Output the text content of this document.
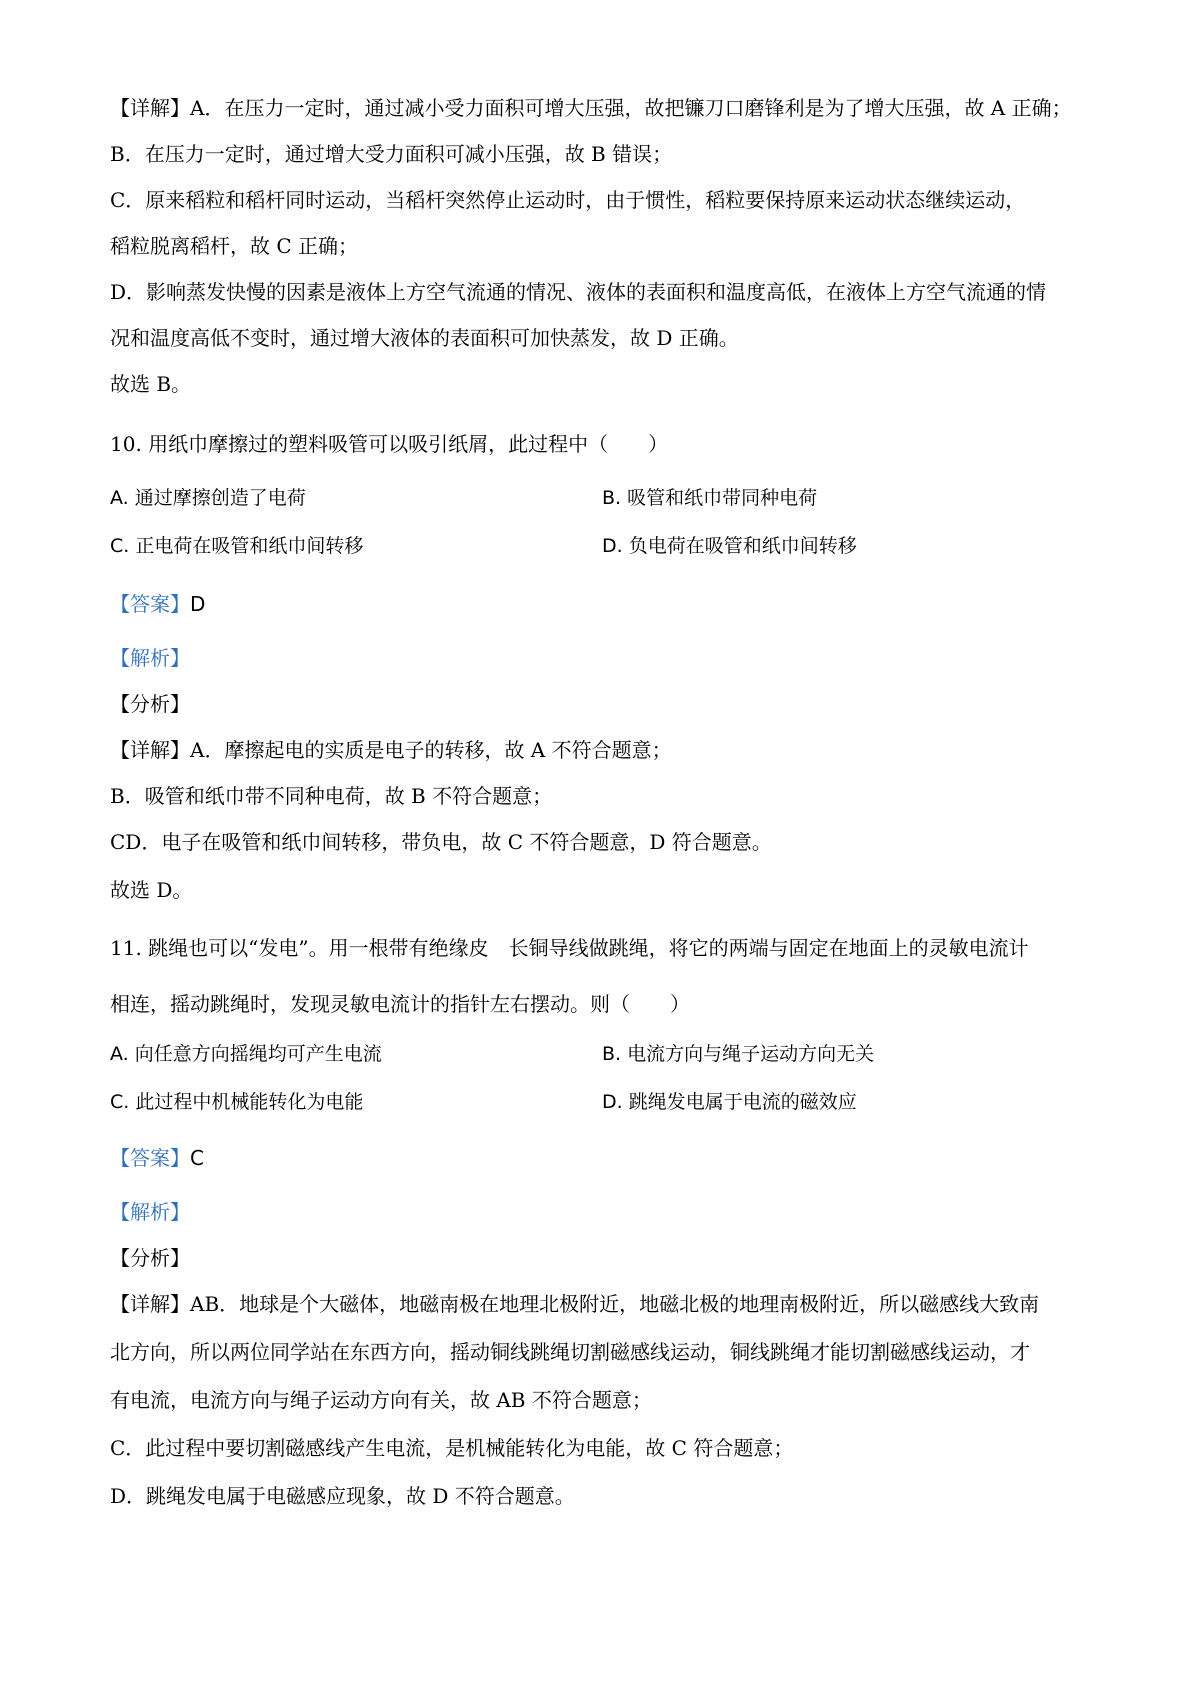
【详解】A．在压力一定时，通过减小受力面积可增大压强，故把镰刀口磨锋利是为了增大压强，故 A 正确；
B．在压力一定时，通过增大受力面积可减小压强，故 B 错误；
C．原来稻粒和稻杆同时运动，当稻杆突然停止运动时，由于惯性，稻粒要保持原来运动状态继续运动，
稻粒脱离稻杆，故 C 正确；
D．影响蒸发快慢的因素是液体上方空气流通的情况、液体的表面积和温度高低，在液体上方空气流通的情
况和温度高低不变时，通过增大液体的表面积可加快蒸发，故 D 正确。
故选 B。
10. 用纸巾摩擦过的塑料吸管可以吸引纸屑，此过程中（　　）
A. 通过摩擦创造了电荷	B. 吸管和纸巾带同种电荷
C. 正电荷在吸管和纸巾间转移	D. 负电荷在吸管和纸巾间转移
【答案】D
【解析】
【分析】
【详解】A．摩擦起电的实质是电子的转移，故 A 不符合题意；
B．吸管和纸巾带不同种电荷，故 B 不符合题意；
CD．电子在吸管和纸巾间转移，带负电，故 C 不符合题意，D 符合题意。
故选 D。
11. 跳绳也可以“发电”。用一根带有绝缘皮　长铜导线做跳绳，将它的两端与固定在地面上的灵敏电流计
相连，摇动跳绳时，发现灵敏电流计的指针左右摆动。则（　　）
A. 向任意方向摇绳均可产生电流	B. 电流方向与绳子运动方向无关
C. 此过程中机械能转化为电能	D. 跳绳发电属于电流的磁效应
【答案】C
【解析】
【分析】
【详解】AB．地球是个大磁体，地磁南极在地理北极附近，地磁北极的地理南极附近，所以磁感线大致南
北方向，所以两位同学站在东西方向，摇动铜线跳绳切割磁感线运动，铜线跳绳才能切割磁感线运动，才
有电流，电流方向与绳子运动方向有关，故 AB 不符合题意；
C．此过程中要切割磁感线产生电流，是机械能转化为电能，故 C 符合题意；
D．跳绳发电属于电磁感应现象，故 D 不符合题意。
